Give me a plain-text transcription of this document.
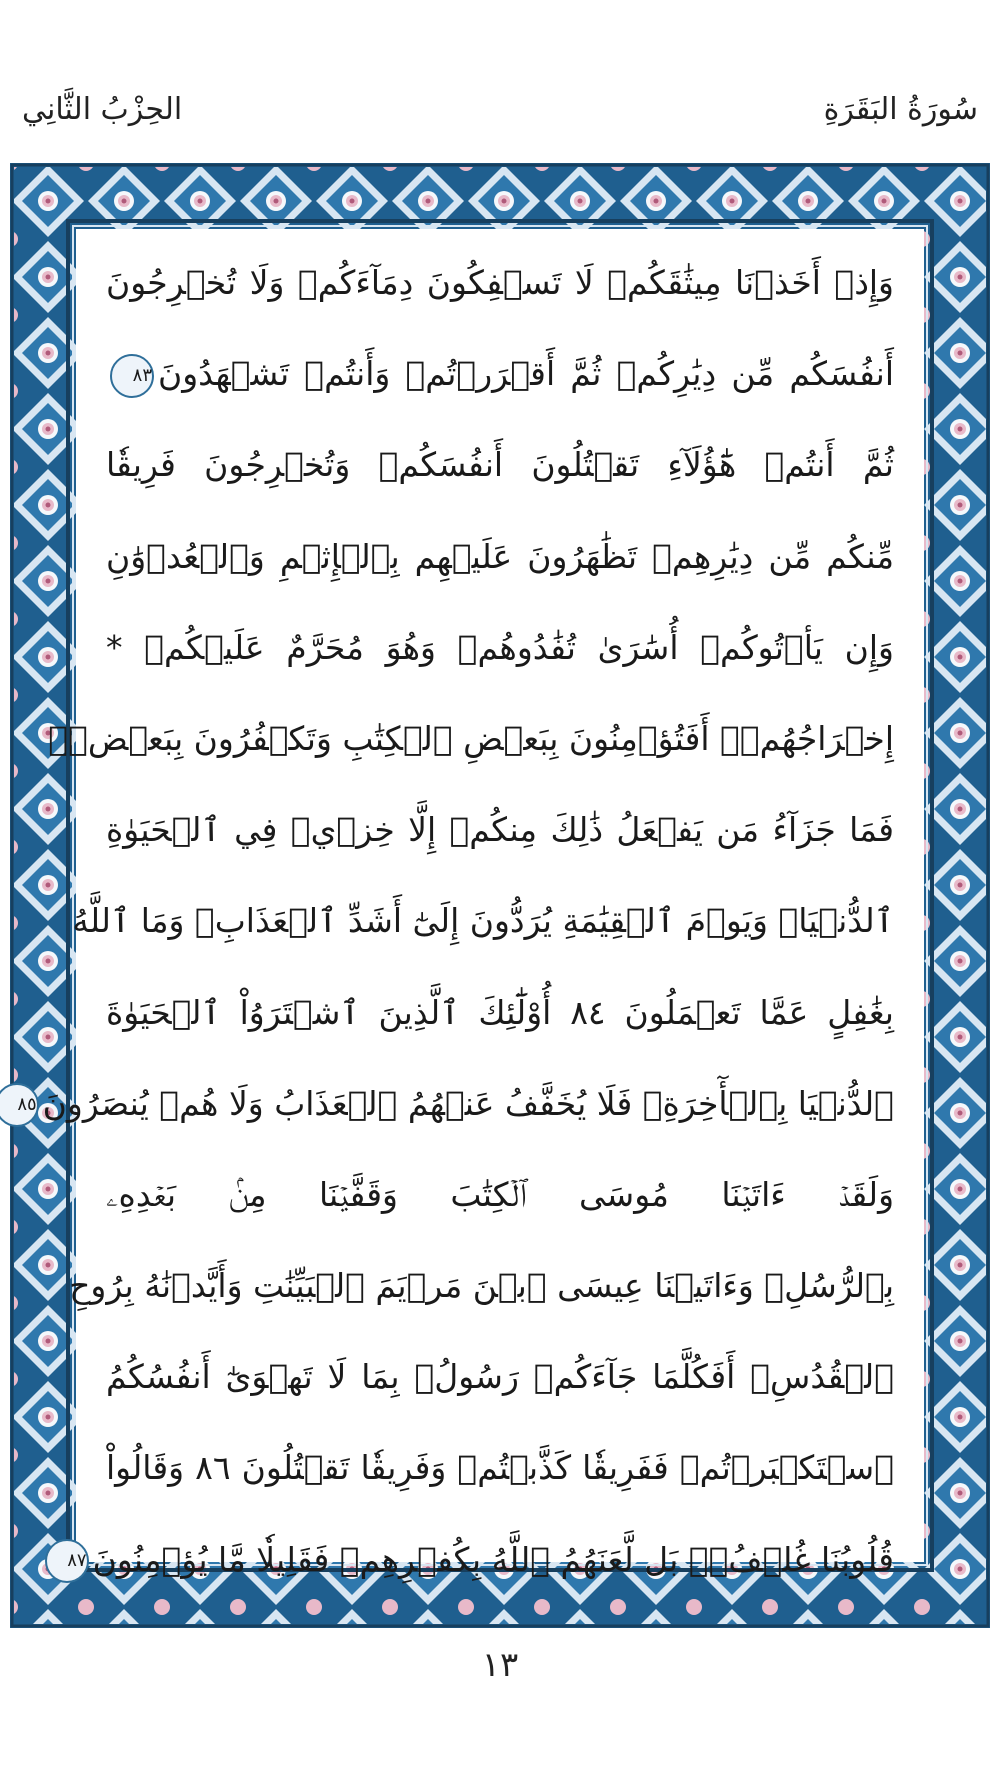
الحِزْبُ الثَّانِي	سُورَةُ البَقَرَةِ
وَإِذۡ أَخَذۡنَا مِيثَٰقَكُمۡ لَا تَسۡفِكُونَ دِمَآءَكُمۡ وَلَا تُخۡرِجُونَ
أَنفُسَكُم مِّن دِيَٰرِكُمۡ ثُمَّ أَقۡرَرۡتُمۡ وَأَنتُمۡ تَشۡهَدُونَ٨٣
ثُمَّ أَنتُمۡ هَٰٓؤُلَآءِ تَقۡتُلُونَ أَنفُسَكُمۡ وَتُخۡرِجُونَ فَرِيقٗا
مِّنكُم مِّن دِيَٰرِهِمۡ تَظَٰهَرُونَ عَلَيۡهِم بِٱلۡإِثۡمِ وَٱلۡعُدۡوَٰنِ
وَإِن يَأۡتُوكُمۡ أُسَٰرَىٰ تُفَٰدُوهُمۡ وَهُوَ مُحَرَّمٌ عَلَيۡكُمۡ *
إِخۡرَاجُهُمۡۚ أَفَتُؤۡمِنُونَ بِبَعۡضِ ٱلۡكِتَٰبِ وَتَكۡفُرُونَ بِبَعۡضٖۚ
فَمَا جَزَآءُ مَن يَفۡعَلُ ذَٰلِكَ مِنكُمۡ إِلَّا خِزۡيٞ فِي ٱلۡحَيَوٰةِ
ٱلدُّنۡيَاۖ وَيَوۡمَ ٱلۡقِيَٰمَةِ يُرَدُّونَ إِلَىٰٓ أَشَدِّ ٱلۡعَذَابِۗ وَمَا ٱللَّهُ
بِغَٰفِلٍ عَمَّا تَعۡمَلُونَ ٨٤ أُوْلَٰٓئِكَ ٱلَّذِينَ ٱشۡتَرَوُاْ ٱلۡحَيَوٰةَ
ٱلدُّنۡيَا بِٱلۡأٓخِرَةِۖ فَلَا يُخَفَّفُ عَنۡهُمُ ٱلۡعَذَابُ وَلَا هُمۡ يُنصَرُونَ٨٥
وَلَقَدۡ ءَاتَيۡنَا مُوسَى ٱلۡكِتَٰبَ وَقَفَّيۡنَا مِنۢ بَعۡدِهِۦ
بِٱلرُّسُلِۖ وَءَاتَيۡنَا عِيسَى ٱبۡنَ مَرۡيَمَ ٱلۡبَيِّنَٰتِ وَأَيَّدۡنَٰهُ بِرُوحِ
ٱلۡقُدُسِۗ أَفَكُلَّمَا جَآءَكُمۡ رَسُولُۢ بِمَا لَا تَهۡوَىٰٓ أَنفُسُكُمُ
ٱسۡتَكۡبَرۡتُمۡ فَفَرِيقٗا كَذَّبۡتُمۡ وَفَرِيقٗا تَقۡتُلُونَ ٨٦ وَقَالُواْ
قُلُوبُنَا غُلۡفُۢۚ بَل لَّعَنَهُمُ ٱللَّهُ بِكُفۡرِهِمۡ فَقَلِيلٗا مَّا يُؤۡمِنُونَ٨٧
١٣
